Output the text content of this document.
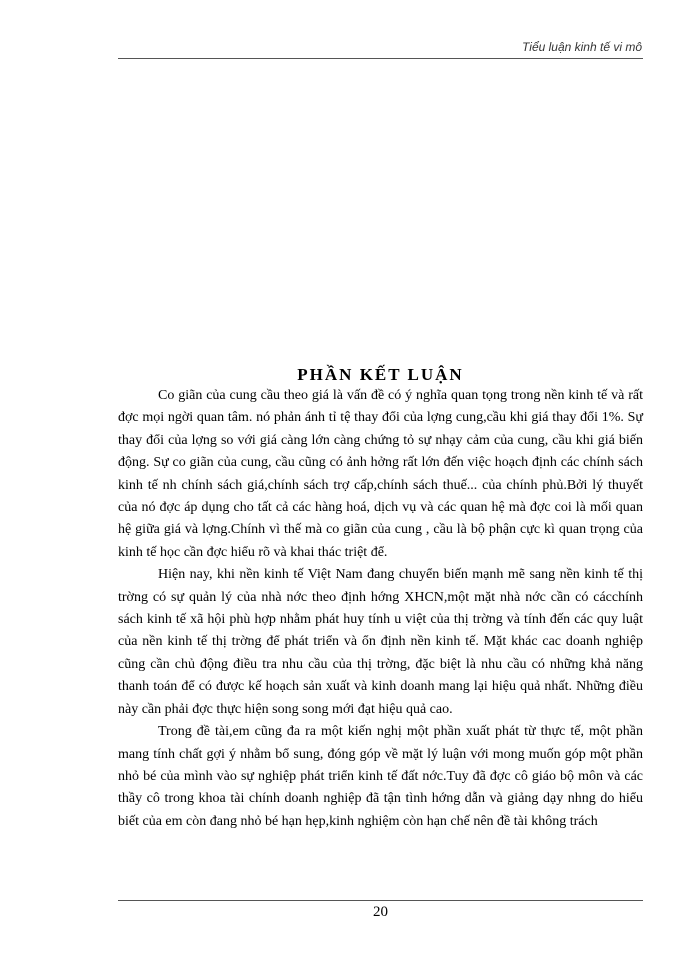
Tiểu luận kinh tế vi mô
PHẦN KẾT LUẬN

Co giãn của cung cầu theo giá là vấn đề có ý nghĩa quan tọng trong nền kinh tế và rất đợc mọi ngời quan tâm. nó phản ánh tỉ tệ thay đổi của lợng cung,cầu khi giá thay đổi 1%. Sự thay đổi của lợng so với giá càng lớn càng chứng tỏ sự nhạy cảm của cung, cầu khi giá biến động. Sự co giãn của cung, cầu cũng có ảnh hởng rất lớn đến việc hoạch định các chính sách kinh tế nh chính sách giá,chính sách trợ cấp,chính sách thuế... của chính phủ.Bởi lý thuyết của nó đợc áp dụng cho tất cả các hàng hoá, dịch vụ và các quan hệ mà đợc coi là mối quan hệ giữa giá và lợng.Chính vì thế mà co giãn của cung , cầu là bộ phận cực kì quan trọng của kinh tế học cần đợc hiểu rõ và khai thác triệt để.

Hiện nay, khi nền kinh tế Việt Nam đang chuyển biến mạnh mẽ sang nền kinh tế thị trờng có sự quản lý của nhà nớc theo định hớng XHCN,một mặt nhà nớc cần có cácchính sách kinh tế xã hội phù hợp nhằm phát huy tính u việt của thị trờng và tính đến các quy luật của nền kinh tế thị trờng để phát triển và ổn định nền kinh tế. Mặt khác cac doanh nghiệp cũng cần chủ động điều tra nhu cầu của thị trờng, đặc biệt là nhu cầu có những khả năng thanh toán để có được kế hoạch sản xuất và kinh doanh mang lại hiệu quả nhất. Những điều này cần phải đợc thực hiện song song mới đạt hiệu quả cao.

Trong đề tài,em cũng đa ra một kiến nghị một phần xuất phát từ thực tế, một phần mang tính chất gợi ý nhằm bổ sung, đóng góp về mặt lý luận với mong muốn góp một phần nhỏ bé của mình vào sự nghiệp phát triển kinh tế đất nớc.Tuy đã đợc cô giáo bộ môn và các thầy cô trong khoa tài chính doanh nghiệp đã tận tình hớng dẫn và giảng dạy nhng do hiểu biết của em còn đang nhỏ bé hạn hẹp,kinh nghiệm còn hạn chế nên đề tài không trách

20
